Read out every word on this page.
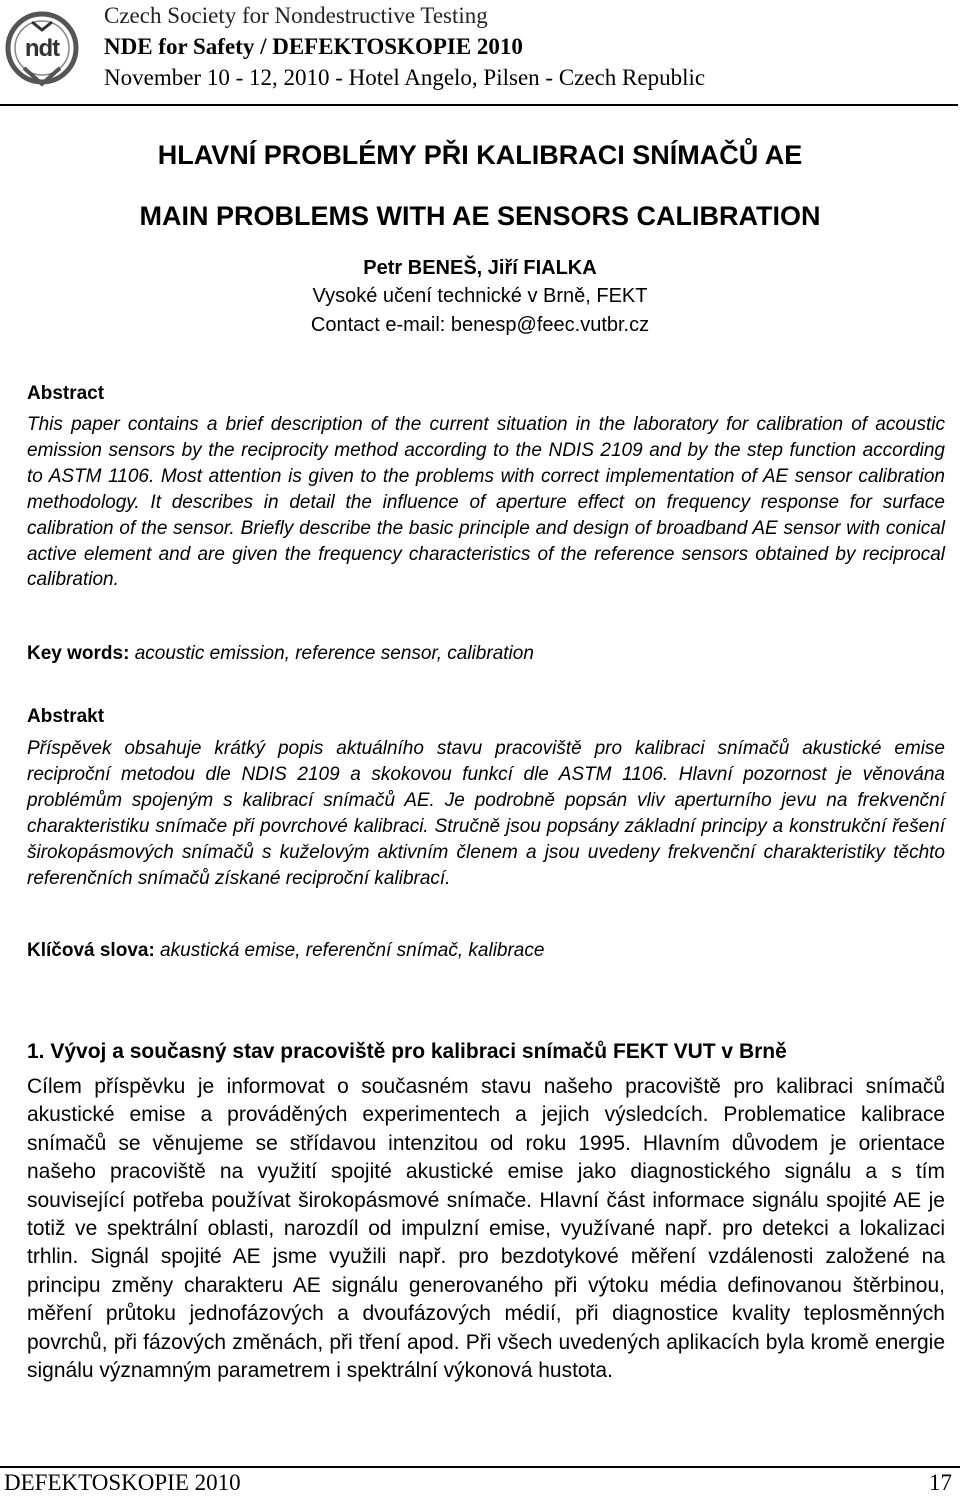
ndt
Czech Society for Nondestructive Testing
NDE for Safety / DEFEKTOSKOPIE 2010
November 10 - 12, 2010 - Hotel Angelo, Pilsen - Czech Republic
HLAVNÍ PROBLÉMY PŘI KALIBRACI SNÍMAČŮ AE
MAIN PROBLEMS WITH AE SENSORS CALIBRATION
Petr BENEŠ, Jiří FIALKA
Vysoké učení technické v Brně, FEKT
Contact e-mail: benesp@feec.vutbr.cz
Abstract
This paper contains a brief description of the current situation in the laboratory for calibration of acoustic emission sensors by the reciprocity method according to the NDIS 2109 and by the step function according to ASTM 1106. Most attention is given to the problems with correct implementation of AE sensor calibration methodology. It describes in detail the influence of aperture effect on frequency response for surface calibration of the sensor. Briefly describe the basic principle and design of broadband AE sensor with conical active element and are given the frequency characteristics of the reference sensors obtained by reciprocal calibration.
Key words: acoustic emission, reference sensor, calibration
Abstrakt
Příspěvek obsahuje krátký popis aktuálního stavu pracoviště pro kalibraci snímačů akustické emise reciproční metodou dle NDIS 2109 a skokovou funkcí dle ASTM 1106. Hlavní pozornost je věnována problémům spojeným s kalibrací snímačů AE. Je podrobně popsán vliv aperturního jevu na frekvenční charakteristiku snímače při povrchové kalibraci. Stručně jsou popsány základní principy a konstrukční řešení širokopásmových snímačů s kuželovým aktivním členem a jsou uvedeny frekvenční charakteristiky těchto referenčních snímačů získané reciproční kalibrací.
Klíčová slova: akustická emise, referenční snímač, kalibrace
1. Vývoj a současný stav pracoviště pro kalibraci snímačů FEKT VUT v Brně
Cílem příspěvku je informovat o současném stavu našeho pracoviště pro kalibraci snímačů akustické emise a prováděných experimentech a jejich výsledcích. Problematice kalibrace snímačů se věnujeme se střídavou intenzitou od roku 1995. Hlavním důvodem je orientace našeho pracoviště na využití spojité akustické emise jako diagnostického signálu a s tím související potřeba používat širokopásmové snímače. Hlavní část informace signálu spojité AE je totiž ve spektrální oblasti, narozdíl od impulzní emise, využívané např. pro detekci a lokalizaci trhlin. Signál spojité AE jsme využili např. pro bezdotykové měření vzdálenosti založené na principu změny charakteru AE signálu generovaného při výtoku média definovanou štěrbinou, měření průtoku jednofázových a dvoufázových médií, při diagnostice kvality teplosměnných povrchů, při fázových změnách, při tření apod. Při všech uvedených aplikacích byla kromě energie signálu významným parametrem i spektrální výkonová hustota.
DEFEKTOSKOPIE 2010	17
